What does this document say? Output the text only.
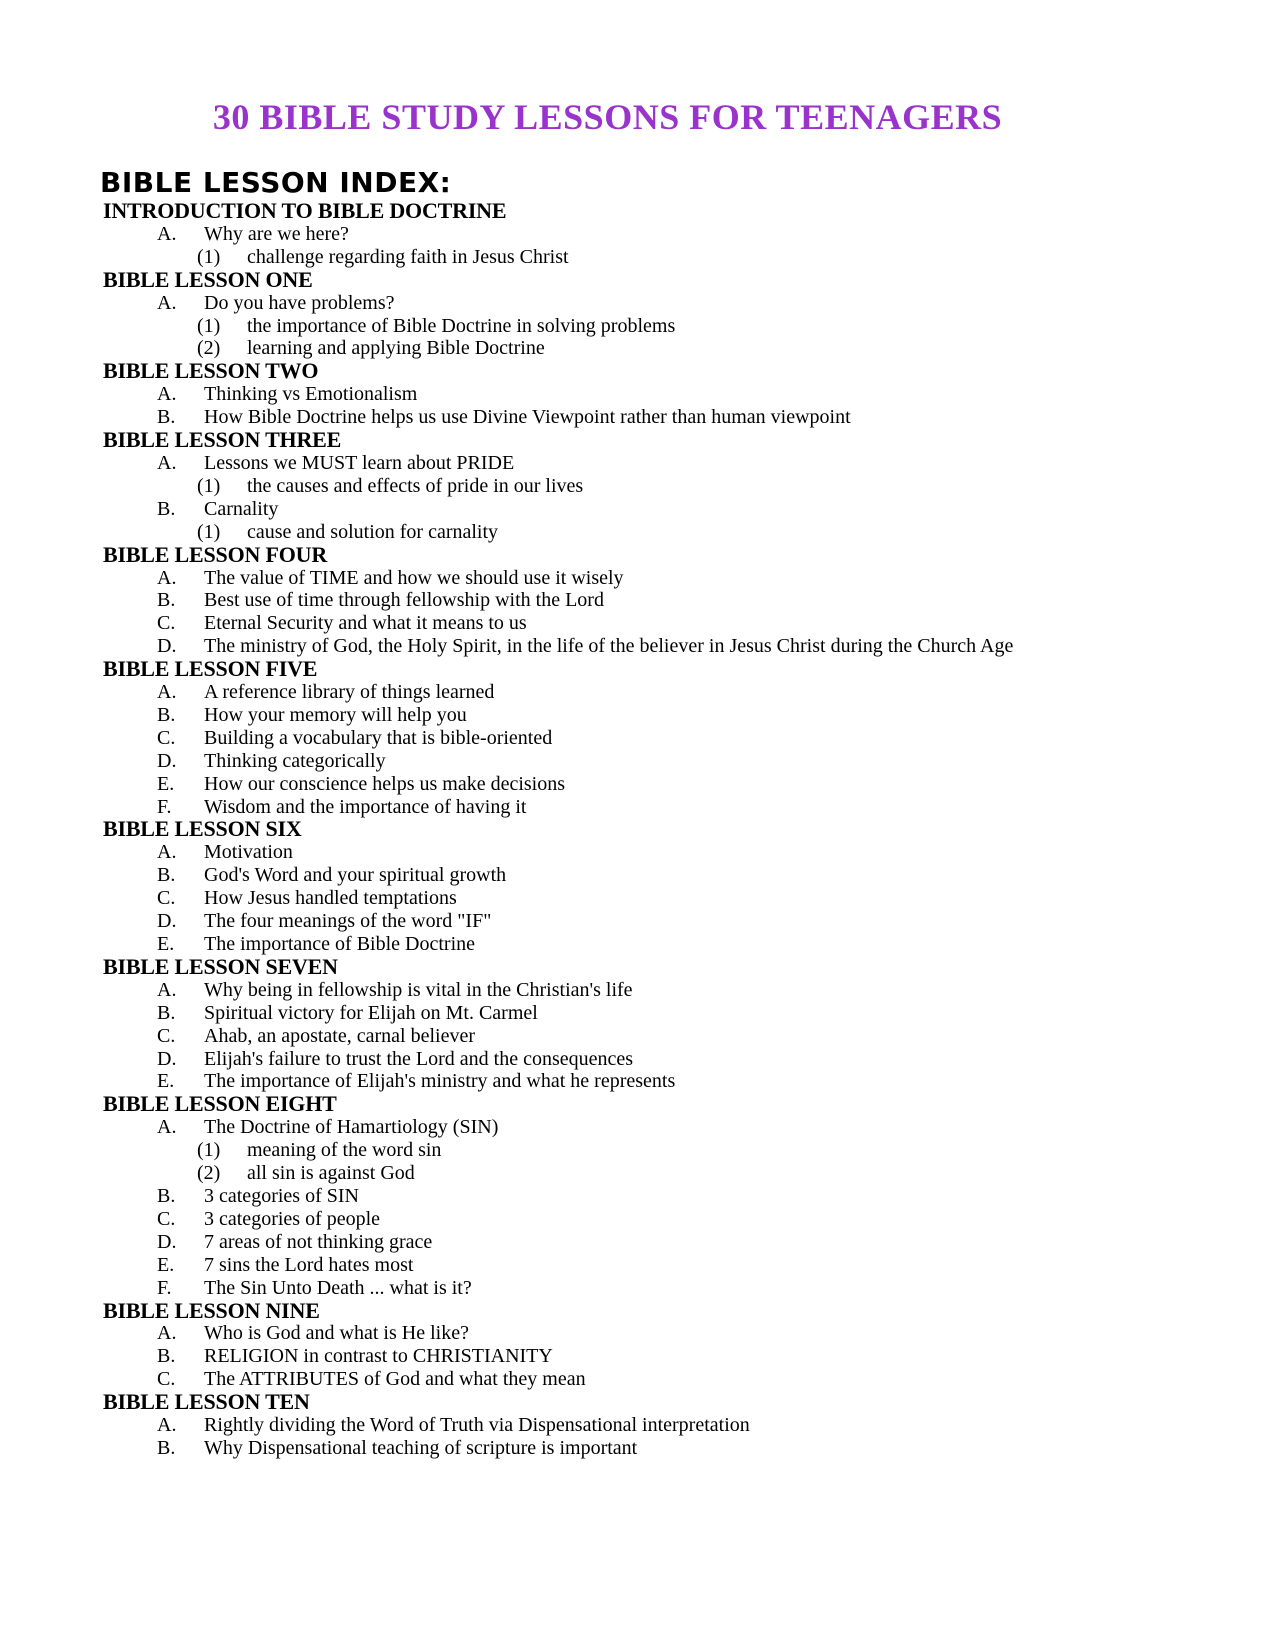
30 BIBLE STUDY LESSONS FOR TEENAGERS
BIBLE LESSON INDEX:
INTRODUCTION TO BIBLE DOCTRINE
A.	Why are we here?
(1)	challenge regarding faith in Jesus Christ
BIBLE LESSON ONE
A.	Do you have problems?
(1)	the importance of Bible Doctrine in solving problems
(2)	learning and applying Bible Doctrine
BIBLE LESSON TWO
A.	Thinking vs Emotionalism
B.	How Bible Doctrine helps us use Divine Viewpoint rather than human viewpoint
BIBLE LESSON THREE
A.	Lessons we MUST learn about PRIDE
(1)	the causes and effects of pride in our lives
B.	Carnality
(1)	cause and solution for carnality
BIBLE LESSON FOUR
A.	The value of TIME and how we should use it wisely
B.	Best use of time through fellowship with the Lord
C.	Eternal Security and what it means to us
D.	The ministry of God, the Holy Spirit, in the life of the believer in Jesus Christ during the Church Age
BIBLE LESSON FIVE
A.	A reference library of things learned
B.	How your memory will help you
C.	Building a vocabulary that is bible-oriented
D.	Thinking categorically
E.	How our conscience helps us make decisions
F.	Wisdom and the importance of having it
BIBLE LESSON SIX
A.	Motivation
B.	God's Word and your spiritual growth
C.	How Jesus handled temptations
D.	The four meanings of the word "IF"
E.	The importance of Bible Doctrine
BIBLE LESSON SEVEN
A.	Why being in fellowship is vital in the Christian's life
B.	Spiritual victory for Elijah on Mt. Carmel
C.	Ahab, an apostate, carnal believer
D.	Elijah's failure to trust the Lord and the consequences
E.	The importance of Elijah's ministry and what he represents
BIBLE LESSON EIGHT
A.	The Doctrine of Hamartiology (SIN)
(1)	meaning of the word sin
(2)	all sin is against God
B.	3 categories of SIN
C.	3 categories of people
D.	7 areas of not thinking grace
E.	7 sins the Lord hates most
F.	The Sin Unto Death ... what is it?
BIBLE LESSON NINE
A.	Who is God and what is He like?
B.	RELIGION in contrast to CHRISTIANITY
C.	The ATTRIBUTES of God and what they mean
BIBLE LESSON TEN
A.	Rightly dividing the Word of Truth via Dispensational interpretation
B.	Why Dispensational teaching of scripture is important
